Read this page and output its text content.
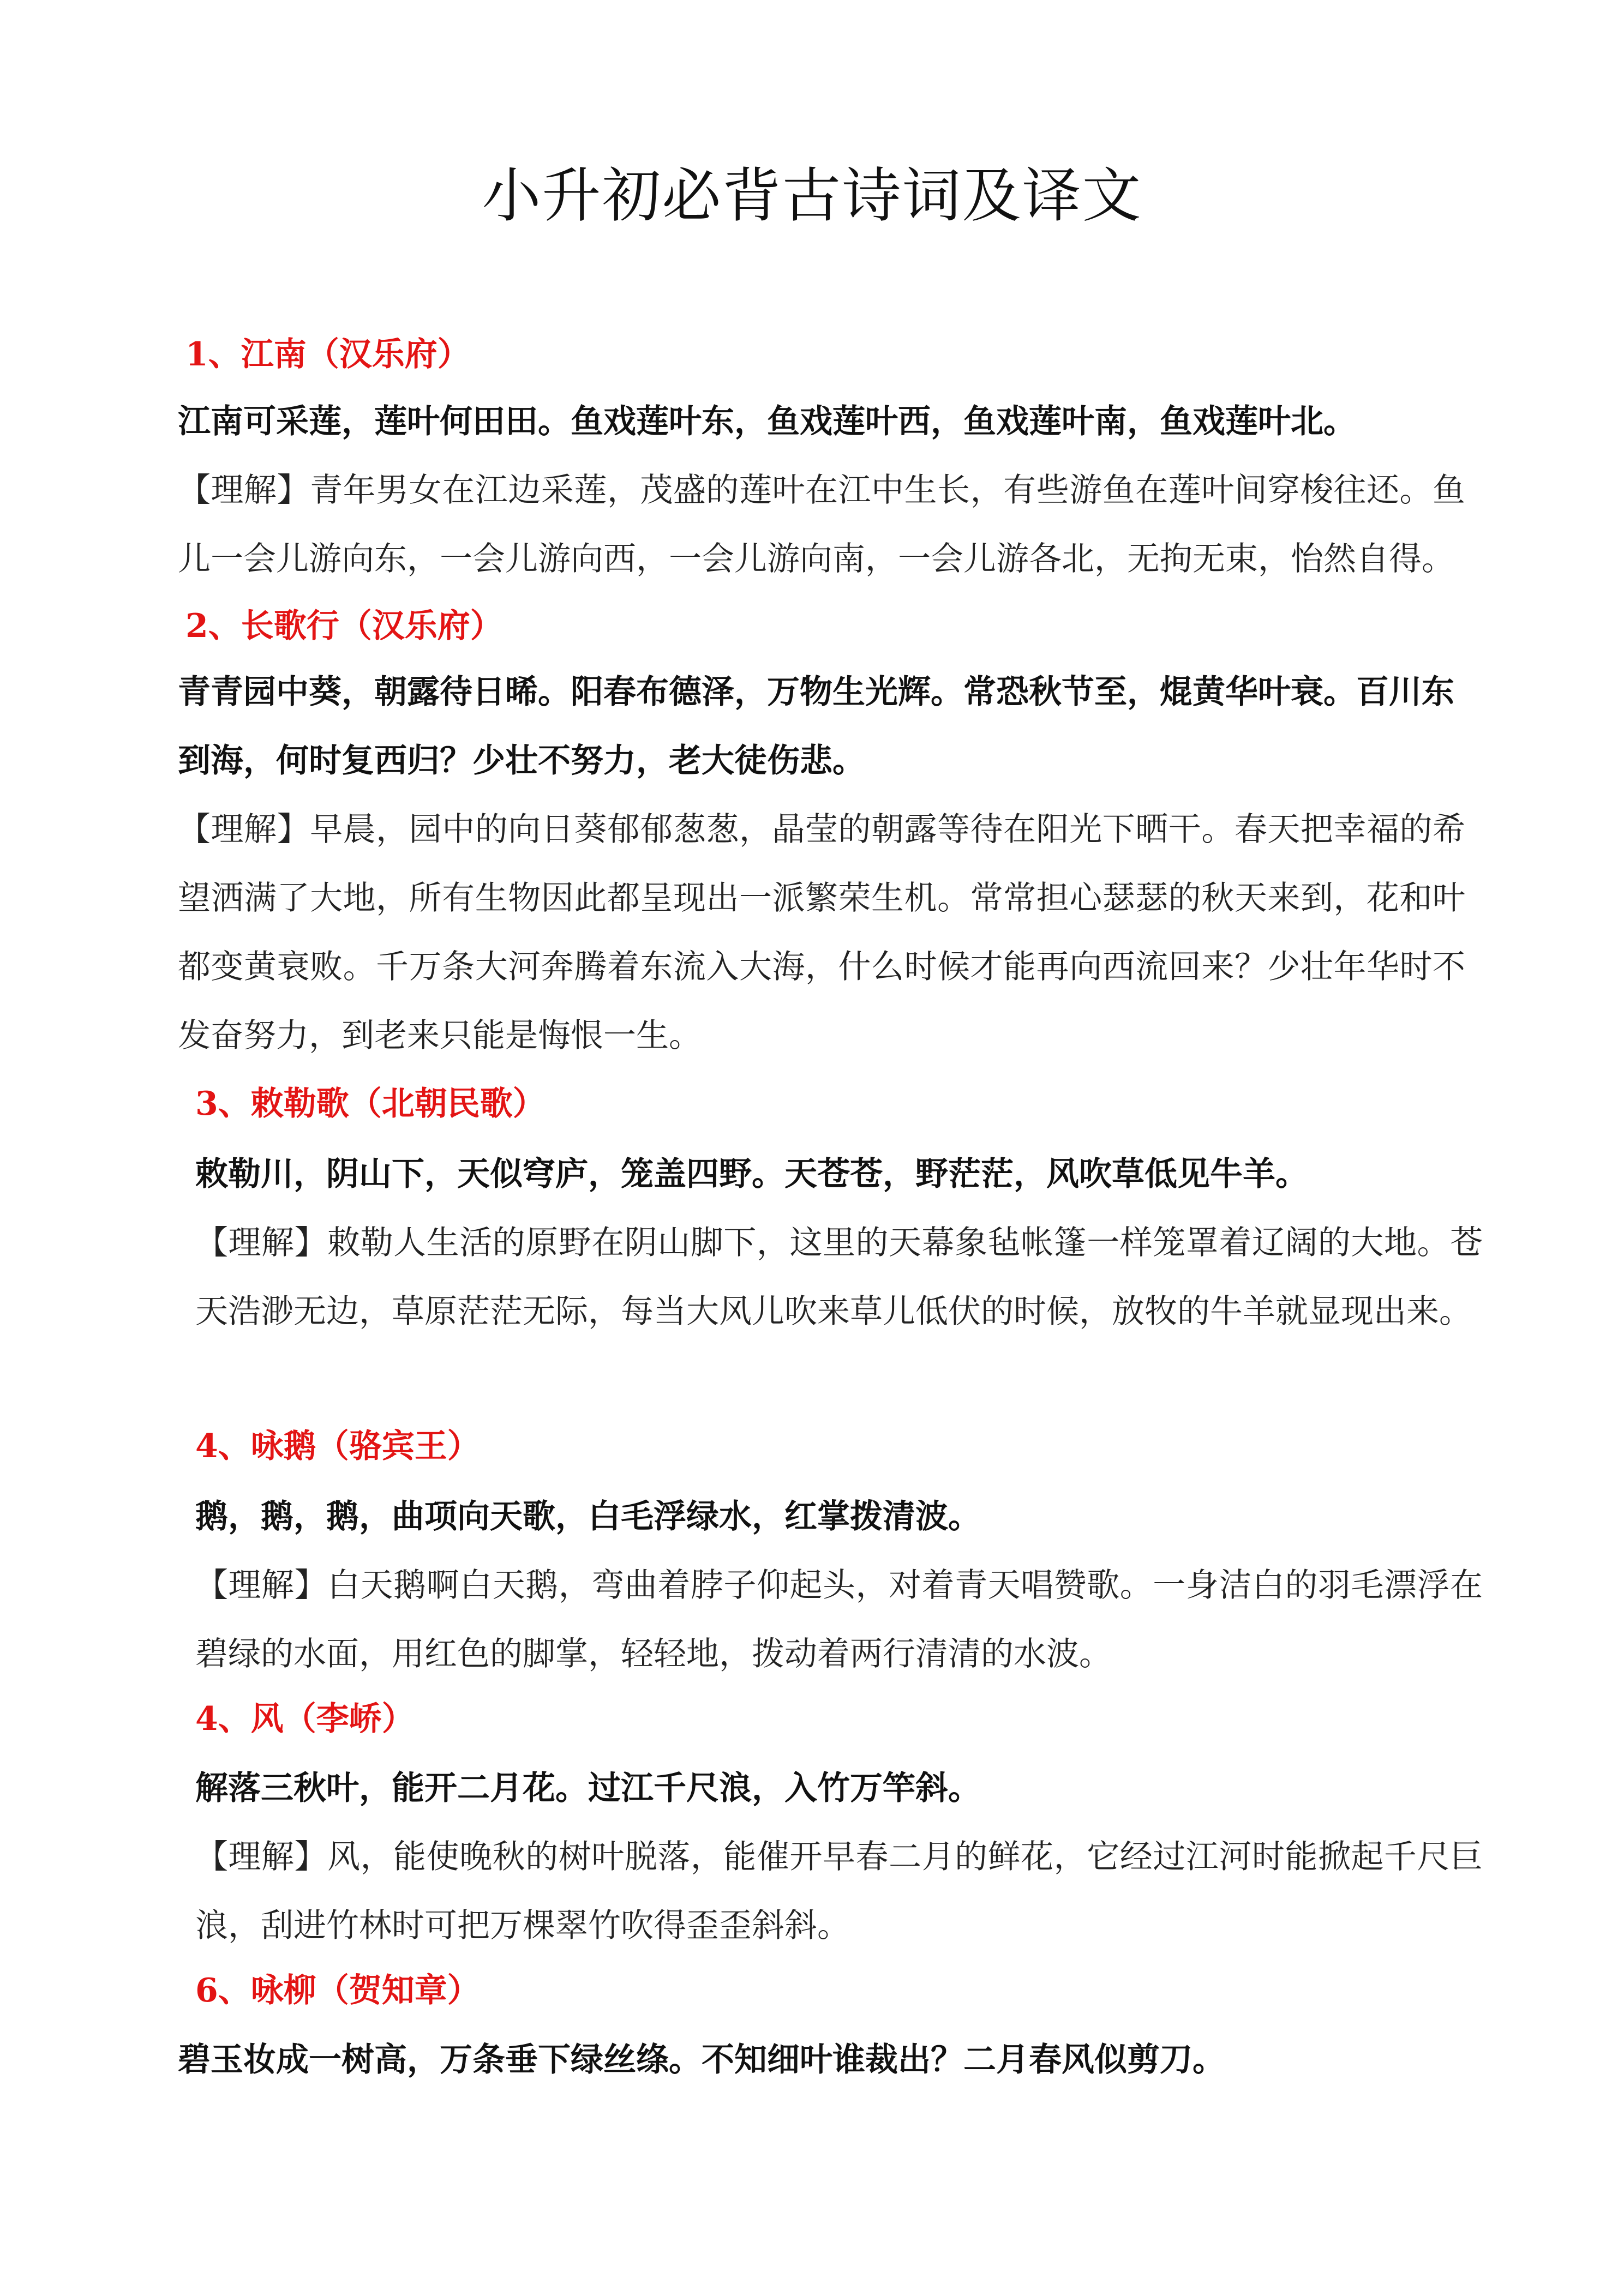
小升初必背古诗词及译文
1、江南（汉乐府）
江南可采莲，莲叶何田田。鱼戏莲叶东，鱼戏莲叶西，鱼戏莲叶南，鱼戏莲叶北。
【理解】青年男女在江边采莲，茂盛的莲叶在江中生长，有些游鱼在莲叶间穿梭往还。鱼儿一会儿游向东，一会儿游向西，一会儿游向南，一会儿游各北，无拘无束，怡然自得。
2、长歌行（汉乐府）
青青园中葵，朝露待日晞。阳春布德泽，万物生光辉。常恐秋节至，焜黄华叶衰。百川东到海，何时复西归？少壮不努力，老大徒伤悲。
【理解】早晨，园中的向日葵郁郁葱葱，晶莹的朝露等待在阳光下晒干。春天把幸福的希望洒满了大地，所有生物因此都呈现出一派繁荣生机。常常担心瑟瑟的秋天来到，花和叶都变黄衰败。千万条大河奔腾着东流入大海，什么时候才能再向西流回来？少壮年华时不发奋努力，到老来只能是悔恨一生。
3、敕勒歌（北朝民歌）
敕勒川，阴山下，天似穹庐，笼盖四野。天苍苍，野茫茫，风吹草低见牛羊。
【理解】敕勒人生活的原野在阴山脚下，这里的天幕象毡帐篷一样笼罩着辽阔的大地。苍天浩渺无边，草原茫茫无际，每当大风儿吹来草儿低伏的时候，放牧的牛羊就显现出来。
4、咏鹅（骆宾王）
鹅，鹅，鹅，曲项向天歌，白毛浮绿水，红掌拨清波。
【理解】白天鹅啊白天鹅，弯曲着脖子仰起头，对着青天唱赞歌。一身洁白的羽毛漂浮在碧绿的水面，用红色的脚掌，轻轻地，拨动着两行清清的水波。
4、风（李峤）
解落三秋叶，能开二月花。过江千尺浪，入竹万竿斜。
【理解】风，能使晚秋的树叶脱落，能催开早春二月的鲜花，它经过江河时能掀起千尺巨浪，刮进竹林时可把万棵翠竹吹得歪歪斜斜。
6、咏柳（贺知章）
碧玉妆成一树高，万条垂下绿丝绦。不知细叶谁裁出？二月春风似剪刀。
